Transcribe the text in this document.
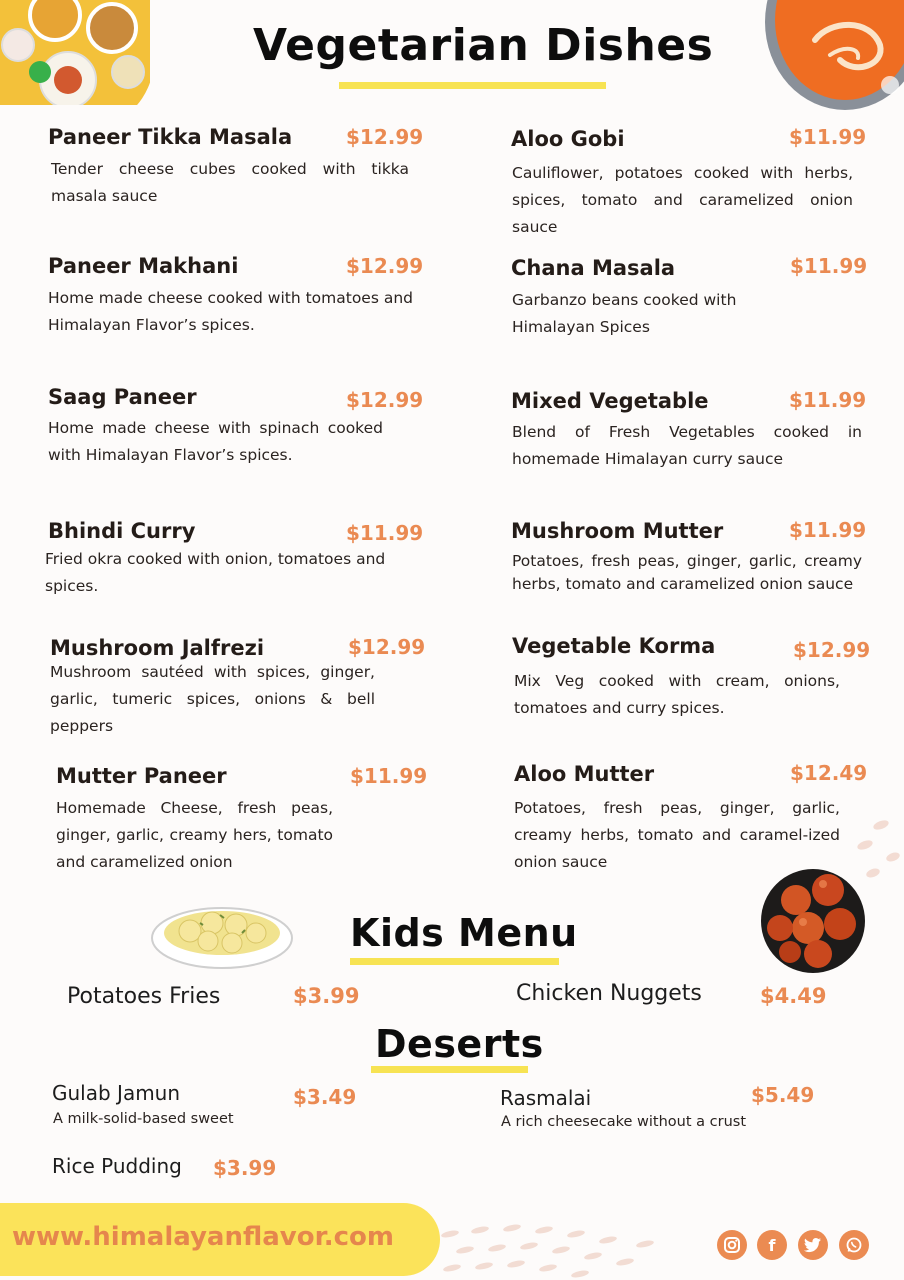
Vegetarian Dishes
Paneer Tikka Masala	$12.99
Tender cheese cubes cooked with tikka masala sauce
Paneer Makhani	$12.99
Home made cheese cooked with tomatoes and Himalayan Flavor’s spices.
Saag Paneer	$12.99
Home made cheese with spinach cooked with Himalayan Flavor’s spices.
Bhindi Curry	$11.99
Fried okra cooked with onion, tomatoes and spices.
Mushroom Jalfrezi	$12.99
Mushroom sautéed with spices, ginger, garlic, tumeric spices, onions & bell peppers
Mutter Paneer	$11.99
Homemade Cheese, fresh peas, ginger, garlic, creamy hers, tomato and caramelized onion
Aloo Gobi	$11.99
Cauliflower, potatoes cooked with herbs, spices, tomato and caramelized onion sauce
Chana Masala	$11.99
Garbanzo beans cooked with Himalayan Spices
Mixed Vegetable	$11.99
Blend of Fresh Vegetables cooked in homemade Himalayan curry sauce
Mushroom Mutter	$11.99
Potatoes, fresh peas, ginger, garlic, creamy herbs, tomato and caramelized onion sauce
Vegetable Korma	$12.99
Mix Veg cooked with cream, onions, tomatoes and curry spices.
Aloo Mutter	$12.49
Potatoes, fresh peas, ginger, garlic, creamy herbs, tomato and caramel-ized onion sauce
Kids Menu
Potatoes Fries	$3.99	Chicken Nuggets	$4.49
Deserts
Gulab Jamun	$3.49
A milk-solid-based sweet
Rasmalai	$5.49
A rich cheesecake without a crust
Rice Pudding $3.99
www.himalayanflavor.com	f
